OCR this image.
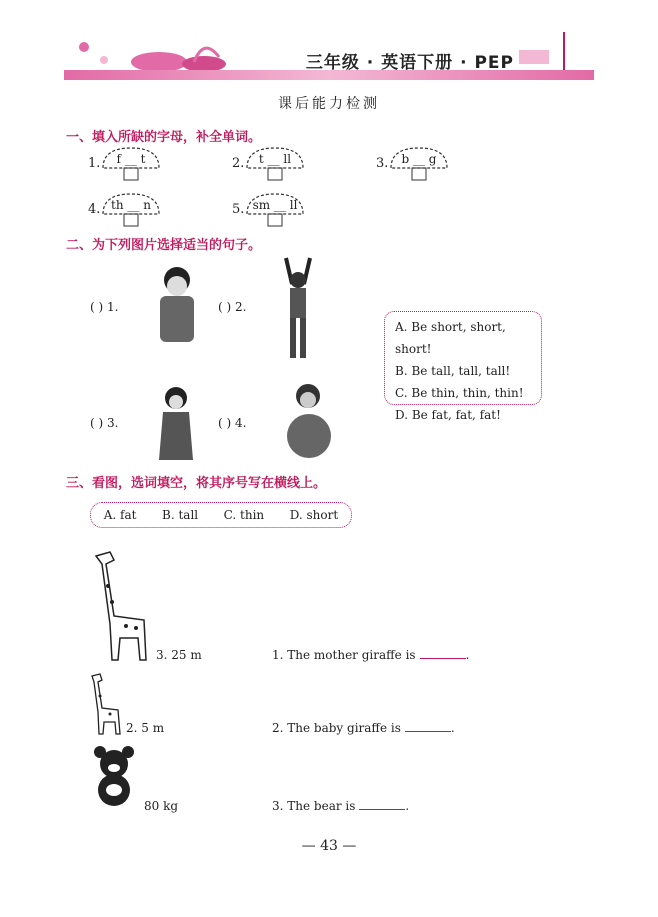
三年级 · 英语下册 · PEP
课后能力检测
一、填入所缺的字母，补全单词。
1.	f __ t	2.	t __ ll	3.	b __ g
4. th __ n	5. sm __ ll
二、为下列图片选择适当的句子。
( ) 1.	( ) 2.
( ) 3.	( ) 4.
A. Be short, short, short!
B. Be tall, tall, tall!
C. Be thin, thin, thin!
D. Be fat, fat, fat!
三、看图，选词填空，将其序号写在横线上。
A. fat B. tall C. thin D. short
3. 25 m	1. The mother giraffe is	.
2. 5 m	2. The baby giraffe is	.
80 kg	3. The bear is	.
— 43 —
